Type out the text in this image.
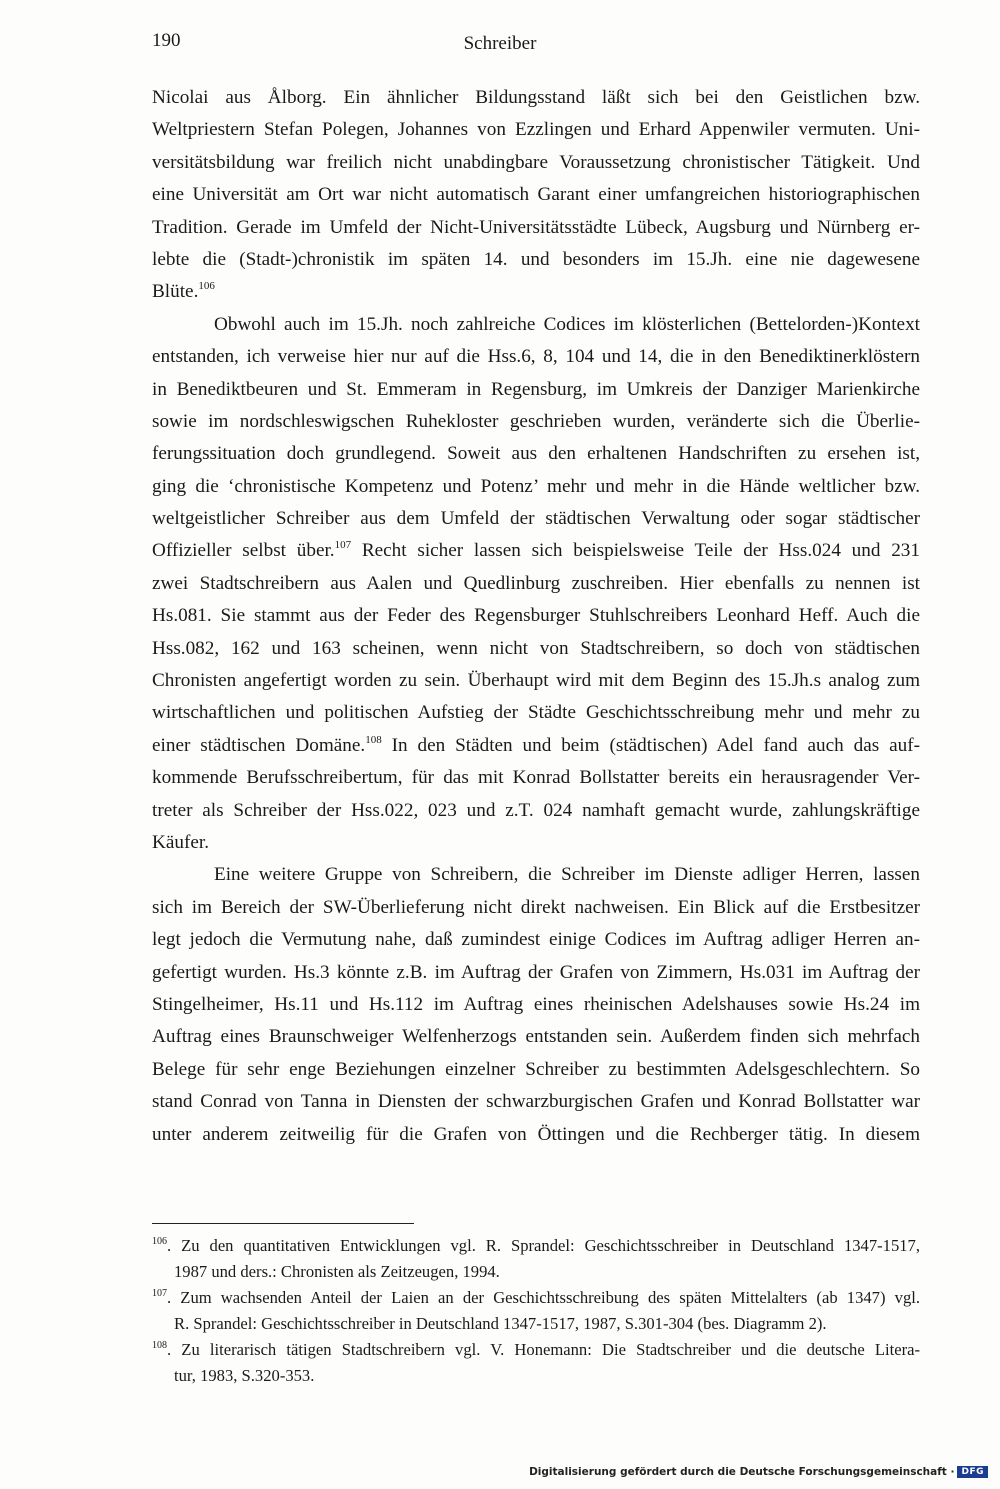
190	Schreiber
Nicolai aus Ålborg. Ein ähnlicher Bildungsstand läßt sich bei den Geistlichen bzw.
Weltpriestern Stefan Polegen, Johannes von Ezzlingen und Erhard Appenwiler vermuten. Uni-
versitätsbildung war freilich nicht unabdingbare Voraussetzung chronistischer Tätigkeit. Und
eine Universität am Ort war nicht automatisch Garant einer umfangreichen historiographischen
Tradition. Gerade im Umfeld der Nicht-Universitätsstädte Lübeck, Augsburg und Nürnberg er-
lebte die (Stadt-)chronistik im späten 14. und besonders im 15.Jh. eine nie dagewesene
Blüte.$^{106}$
Obwohl auch im 15.Jh. noch zahlreiche Codices im klösterlichen (Bettelorden-)Kontext
entstanden, ich verweise hier nur auf die Hss.6, 8, 104 und 14, die in den Benediktinerklöstern
in Benediktbeuren und St. Emmeram in Regensburg, im Umkreis der Danziger Marienkirche
sowie im nordschleswigschen Ruhekloster geschrieben wurden, veränderte sich die Überlie-
ferungssituation doch grundlegend. Soweit aus den erhaltenen Handschriften zu ersehen ist,
ging die ‘chronistische Kompetenz und Potenz’ mehr und mehr in die Hände weltlicher bzw.
weltgeistlicher Schreiber aus dem Umfeld der städtischen Verwaltung oder sogar städtischer
Offizieller selbst über.$^{107}$ Recht sicher lassen sich beispielsweise Teile der Hss.024 und 231
zwei Stadtschreibern aus Aalen und Quedlinburg zuschreiben. Hier ebenfalls zu nennen ist
Hs.081. Sie stammt aus der Feder des Regensburger Stuhlschreibers Leonhard Heff. Auch die
Hss.082, 162 und 163 scheinen, wenn nicht von Stadtschreibern, so doch von städtischen
Chronisten angefertigt worden zu sein. Überhaupt wird mit dem Beginn des 15.Jh.s analog zum
wirtschaftlichen und politischen Aufstieg der Städte Geschichtsschreibung mehr und mehr zu
einer städtischen Domäne.$^{108}$ In den Städten und beim (städtischen) Adel fand auch das auf-
kommende Berufsschreibertum, für das mit Konrad Bollstatter bereits ein herausragender Ver-
treter als Schreiber der Hss.022, 023 und z.T. 024 namhaft gemacht wurde, zahlungskräftige
Käufer.
Eine weitere Gruppe von Schreibern, die Schreiber im Dienste adliger Herren, lassen
sich im Bereich der SW-Überlieferung nicht direkt nachweisen. Ein Blick auf die Erstbesitzer
legt jedoch die Vermutung nahe, daß zumindest einige Codices im Auftrag adliger Herren an-
gefertigt wurden. Hs.3 könnte z.B. im Auftrag der Grafen von Zimmern, Hs.031 im Auftrag der
Stingelheimer, Hs.11 und Hs.112 im Auftrag eines rheinischen Adelshauses sowie Hs.24 im
Auftrag eines Braunschweiger Welfenherzogs entstanden sein. Außerdem finden sich mehrfach
Belege für sehr enge Beziehungen einzelner Schreiber zu bestimmten Adelsgeschlechtern. So
stand Conrad von Tanna in Diensten der schwarzburgischen Grafen und Konrad Bollstatter war
unter anderem zeitweilig für die Grafen von Öttingen und die Rechberger tätig. In diesem
$^{106}$. Zu den quantitativen Entwicklungen vgl. R. Sprandel: Geschichtsschreiber in Deutschland 1347-1517,
1987 und ders.: Chronisten als Zeitzeugen, 1994.
$^{107}$. Zum wachsenden Anteil der Laien an der Geschichtsschreibung des späten Mittelalters (ab 1347) vgl.
R. Sprandel: Geschichtsschreiber in Deutschland 1347-1517, 1987, S.301-304 (bes. Diagramm 2).
$^{108}$. Zu literarisch tätigen Stadtschreibern vgl. V. Honemann: Die Stadtschreiber und die deutsche Litera-
tur, 1983, S.320-353.
Digitalisierung gefördert durch die Deutsche Forschungsgemeinschaft · DFG
